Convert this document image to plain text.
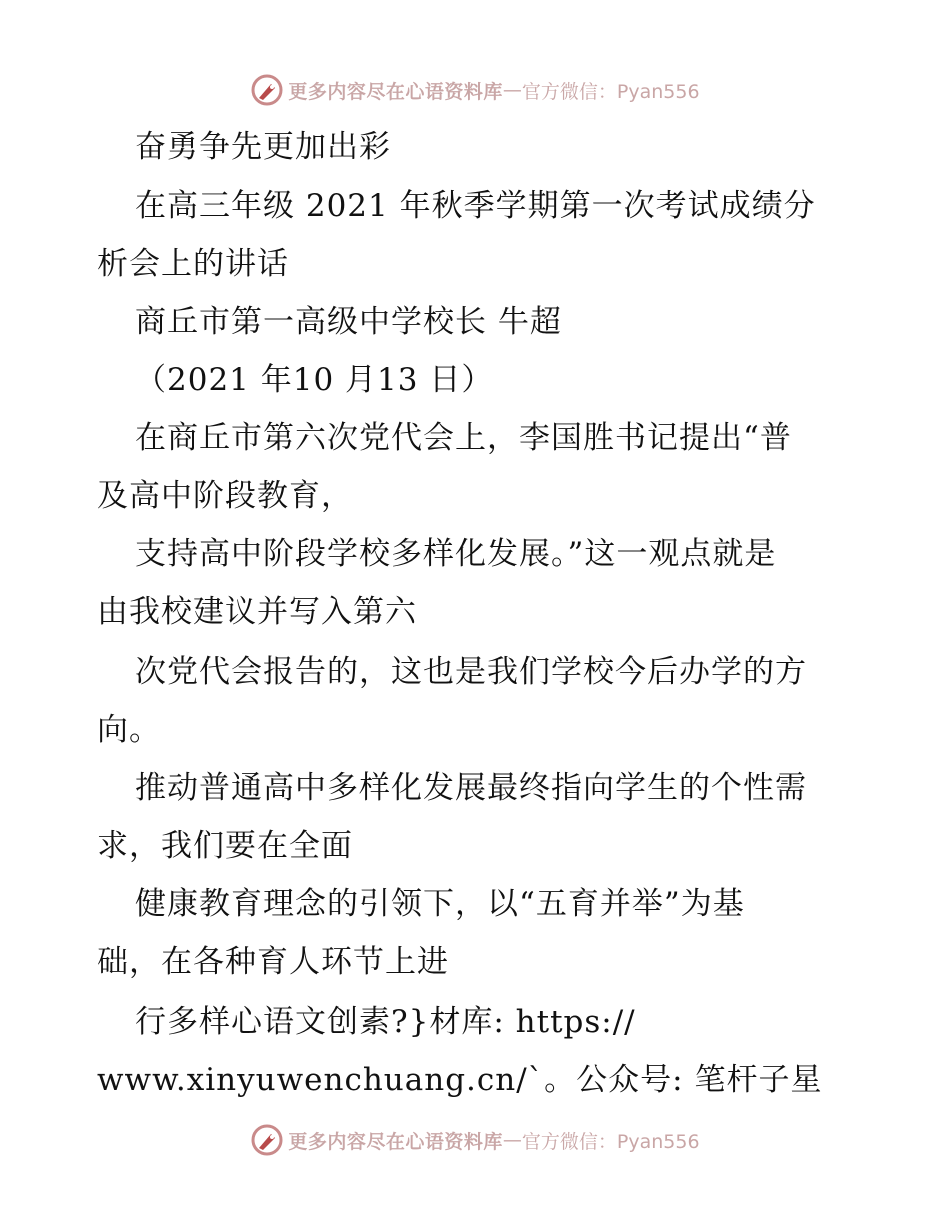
更多内容尽在心语资料库 — 官方微信：Pyan556
奋勇争先更加出彩
在高三年级 2021 年秋季学期第一次考试成绩分
析会上的讲话
商丘市第一高级中学校长 牛超
（2021 年10 月13 日）
在商丘市第六次党代会上，李国胜书记提出“普
及高中阶段教育，
支持高中阶段学校多样化发展。”这一观点就是
由我校建议并写入第六
次党代会报告的，这也是我们学校今后办学的方
向。
推动普通高中多样化发展最终指向学生的个性需
求，我们要在全面
健康教育理念的引领下，以“五育并举”为基
础，在各种育人环节上进
行多样心语文创素?}材库: https://
www.xinyuwenchuang.cn/`。公众号: 笔杆子星
更多内容尽在心语资料库 — 官方微信：Pyan556
